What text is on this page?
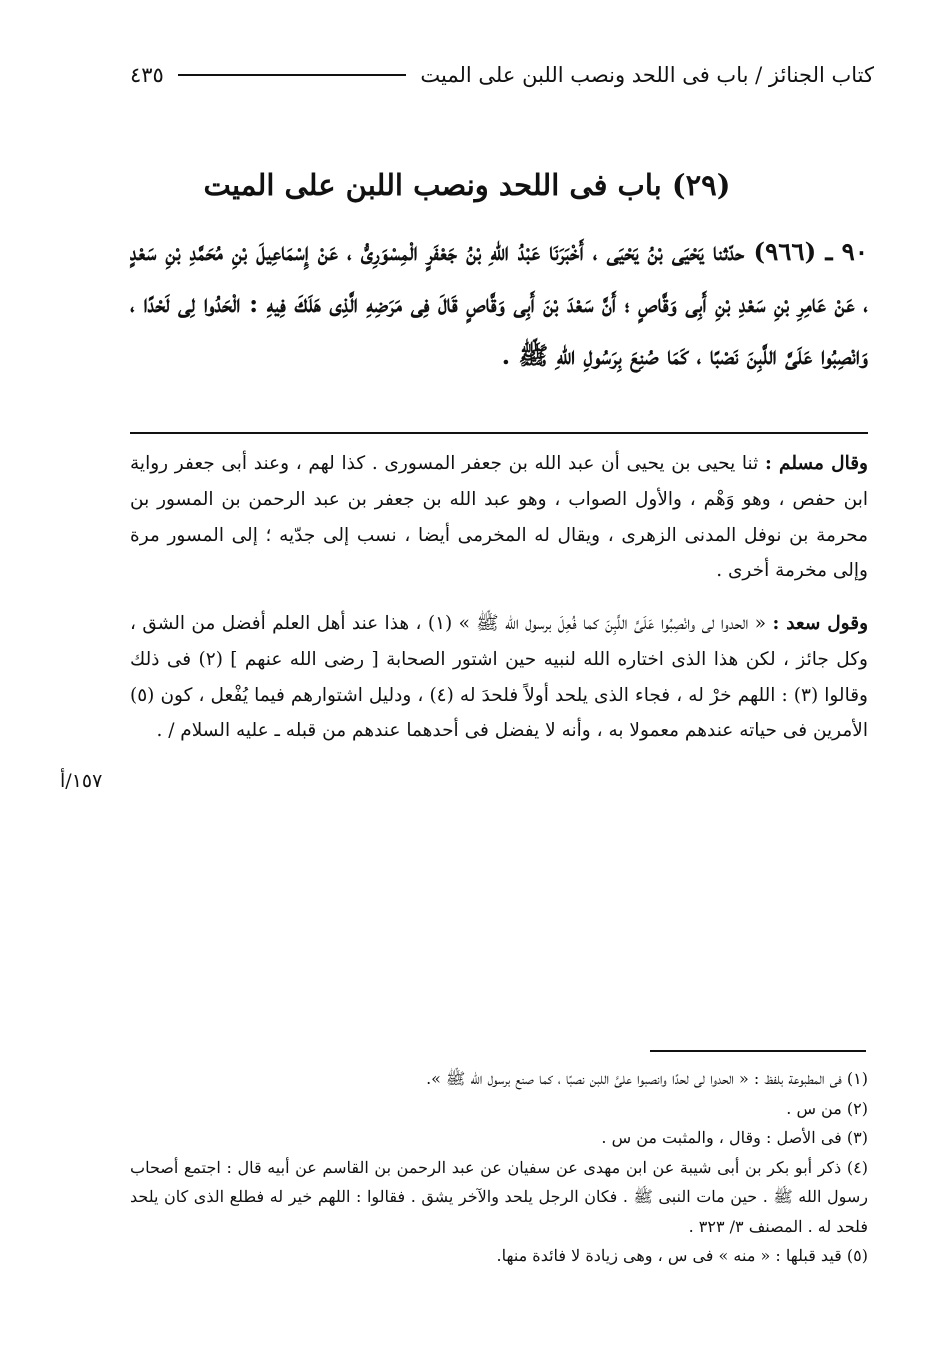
كتاب الجنائز / باب فى اللحد ونصب اللبن على الميت
٤٣٥
(٢٩) باب فى اللحد ونصب اللبن على الميت
٩٠ ـ (٩٦٦) حدّثنا يَحْيَى بْنُ يَحْيَى ، أَخْبَرَنَا عَبْدُ اللهِ بْنُ جَعْفَرٍ الْمِسْوَرِىُّ ، عَنْ إِسْمَاعِيلَ بْنِ مُحَمَّدِ بْنِ سَعْدٍ ، عَنْ عَامِرِ بْنِ سَعْدِ بْنِ أَبِى وَقَّاصٍ ؛ أَنَّ سَعْدَ بْنَ أَبِى وَقَّاصٍ قَالَ فِى مَرَضِهِ الَّذِى هَلَكَ فِيهِ : الْحَدُوا لِى لَحْدًا ، وَانْصِبُوا عَلَىَّ اللَّبِنَ نَصْبًا ، كَمَا صُنِعَ بِرَسُولِ اللهِ ﷺ .
وقال مسلم : ثنا يحيى بن يحيى أن عبد الله بن جعفر المسورى . كذا لهم ، وعند أبى جعفر رواية ابن حفص ، وهو وَهْم ، والأول الصواب ، وهو عبد الله بن جعفر بن عبد الرحمن بن المسور بن محرمة بن نوفل المدنى الزهرى ، ويقال له المخرمى أيضا ، نسب إلى جدّيه ؛ إلى المسور مرة وإلى مخرمة أخرى .
وقول سعد : « الحدوا لى وانْصِبُوا عَلَىَّ اللَّبِنَ كما فُعِلَ برسول الله ﷺ » (١) ، هذا عند أهل العلم أفضل من الشق ، وكل جائز ، لكن هذا الذى اختاره الله لنبيه حين اشتور الصحابة [ رضى الله عنهم ] (٢) فى ذلك وقالوا (٣) : اللهم خرْ له ، فجاء الذى يلحد أولاً فلحدَ له (٤) ، ودليل اشتوارهم فيما يُفْعل ، كون (٥) الأمرين فى حياته عندهم معمولا به ، وأنه لا يفضل فى أحدهما عندهم من قبله ـ عليه السلام / .
١٥٧/أ
(١) فى المطبوعة بلفظ : « الحدوا لى لحدًا وانصبوا علىَّ اللبن نصبًا ، كما صنع برسول الله ﷺ ».
(٢) من س .
(٣) فى الأصل : وقال ، والمثبت من س .
(٤) ذكر أبو بكر بن أبى شيبة عن ابن مهدى عن سفيان عن عبد الرحمن بن القاسم عن أبيه قال : اجتمع أصحاب رسول الله ﷺ . حين مات النبى ﷺ . فكان الرجل يلحد والآخر يشق . فقالوا : اللهم خير له فطلع الذى كان يلحد فلحد له . المصنف ٣/ ٣٢٣ .
(٥) قيد قبلها : « منه » فى س ، وهى زيادة لا فائدة منها.
